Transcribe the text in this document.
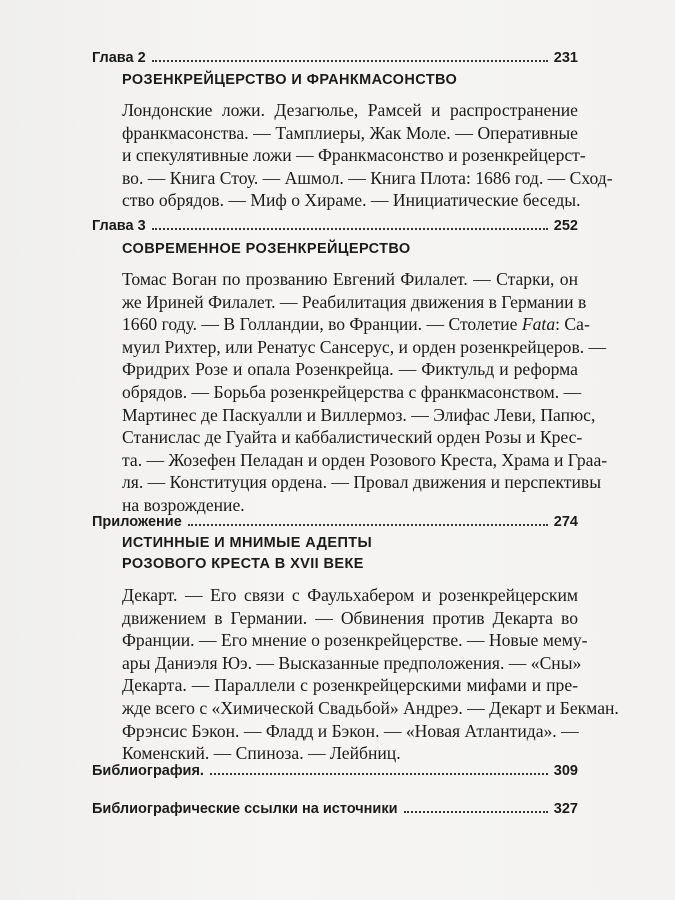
Глава 2	231
РОЗЕНКРЕЙЦЕРСТВО И ФРАНКМАСОНСТВО
Лондонские ложи. Дезагюлье, Рамсей и распространение
франкмасонства. — Тамплиеры, Жак Моле. — Оперативные
и спекулятивные ложи — Франкмасонство и розенкрейцерст-
во. — Книга Стоу. — Ашмол. — Книга Плота: 1686 год. — Сход-
ство обрядов. — Миф о Хираме. — Инициатические беседы.
Глава 3	252
СОВРЕМЕННОЕ РОЗЕНКРЕЙЦЕРСТВО
Томас Воган по прозванию Евгений Филалет. — Старки, он
же Ириней Филалет. — Реабилитация движения в Германии в
1660 году. — В Голландии, во Франции. — Столетие Fata: Са-
муил Рихтер, или Ренатус Сансерус, и орден розенкрейцеров. —
Фридрих Розе и опала Розенкрейца. — Фиктульд и реформа
обрядов. — Борьба розенкрейцерства с франкмасонством. —
Мартинес де Паскуалли и Виллермоз. — Элифас Леви, Папюс,
Станислас де Гуайта и каббалистический орден Розы и Крес-
та. — Жозефен Пеладан и орден Розового Креста, Храма и Граа-
ля. — Конституция ордена. — Провал движения и перспективы
на возрождение.
Приложение	274
ИСТИННЫЕ И МНИМЫЕ АДЕПТЫ
РОЗОВОГО КРЕСТА В XVII ВЕКЕ
Декарт. — Его связи с Фаульхабером и розенкрейцерским
движением в Германии. — Обвинения против Декарта во
Франции. — Его мнение о розенкрейцерстве. — Новые мему-
ары Даниэля Юэ. — Высказанные предположения. — «Сны»
Декарта. — Параллели с розенкрейцерскими мифами и пре-
жде всего с «Химической Свадьбой» Андреэ. — Декарт и Бекман.
Фрэнсис Бэкон. — Фладд и Бэкон. — «Новая Атлантида». —
Коменский. — Спиноза. — Лейбниц.
Библиография.	309
Библиографические ссылки на источники	327
